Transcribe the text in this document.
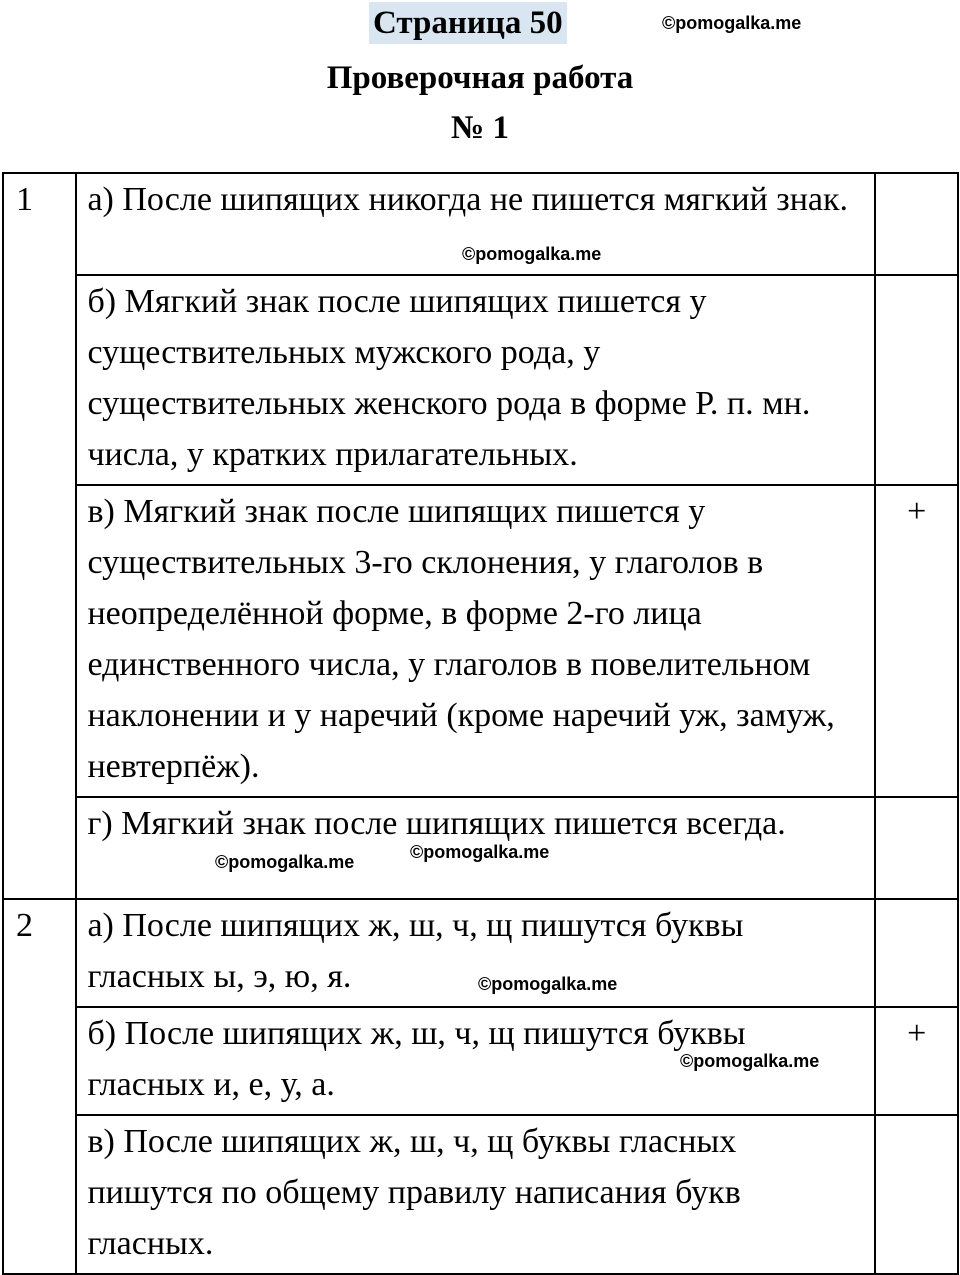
Страница 50	©pomogalka.me
Проверочная работа
№ 1
1	а) После шипящих никогда не пишется мягкий знак.	
	б) Мягкий знак после шипящих пишется у существительных мужского рода, у существительных женского рода в форме Р. п. мн. числа, у кратких прилагательных.	
	в) Мягкий знак после шипящих пишется у существительных 3-го склонения, у глаголов в неопределённой форме, в форме 2-го лица единственного числа, у глаголов в повелительном наклонении и у наречий (кроме наречий уж, замуж, невтерпёж).	+
	г) Мягкий знак после шипящих пишется всегда.	
2	а) После шипящих ж, ш, ч, щ пишутся буквы гласных ы, э, ю, я.	
	б) После шипящих ж, ш, ч, щ пишутся буквы гласных и, е, у, а.	+
	в) После шипящих ж, ш, ч, щ буквы гласных пишутся по общему правилу написания букв гласных.	
©pomogalka.me
©pomogalka.me	©pomogalka.me
©pomogalka.me
©pomogalka.me
